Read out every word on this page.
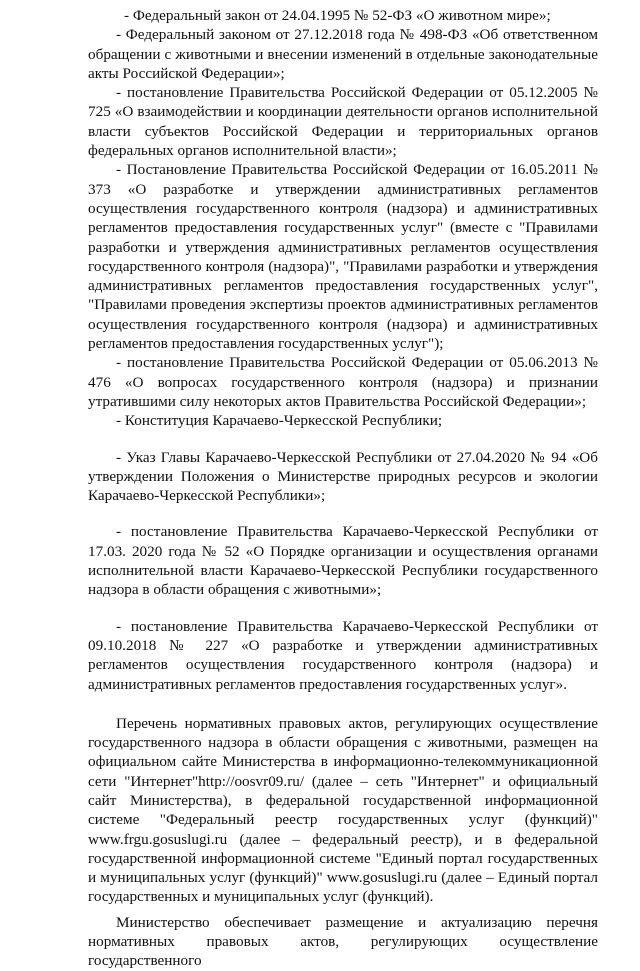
- Федеральный закон от 24.04.1995 № 52-ФЗ «О животном мире»;

- Федеральный законом от 27.12.2018 года № 498-ФЗ «Об ответственном обращении с животными и внесении изменений в отдельные законодательные акты Российской Федерации»;

- постановление Правительства Российской Федерации от 05.12.2005 № 725 «О взаимодействии и координации деятельности органов исполнительной власти субъектов Российской Федерации и территориальных органов федеральных органов исполнительной власти»;

- Постановление Правительства Российской Федерации от 16.05.2011 № 373 «О разработке и утверждении административных регламентов осуществления государственного контроля (надзора) и административных регламентов предоставления государственных услуг" (вместе с "Правилами разработки и утверждения административных регламентов осуществления государственного контроля (надзора)", "Правилами разработки и утверждения административных регламентов предоставления государственных услуг", "Правилами проведения экспертизы проектов административных регламентов осуществления государственного контроля (надзора) и административных регламентов предоставления государственных услуг");

- постановление Правительства Российской Федерации от 05.06.2013 № 476 «О вопросах государственного контроля (надзора) и признании утратившими силу некоторых актов Правительства Российской Федерации»;

- Конституция Карачаево-Черкесской Республики;

- Указ Главы Карачаево-Черкесской Республики от 27.04.2020 № 94 «Об утверждении Положения о Министерстве природных ресурсов и экологии Карачаево-Черкесской Республики»;

- постановление Правительства Карачаево-Черкесской Республики от 17.03. 2020 года № 52 «О Порядке организации и осуществления органами исполнительной власти Карачаево-Черкесской Республики государственного надзора в области обращения с животными»;

- постановление Правительства Карачаево-Черкесской Республики от 09.10.2018 № 227 «О разработке и утверждении административных регламентов осуществления государственного контроля (надзора) и административных регламентов предоставления государственных услуг».

Перечень нормативных правовых актов, регулирующих осуществление государственного надзора в области обращения с животными, размещен на официальном сайте Министерства в информационно-телекоммуникационной сети "Интернет"http://oosvr09.ru/ (далее – сеть "Интернет" и официальный сайт Министерства), в федеральной государственной информационной системе "Федеральный реестр государственных услуг (функций)" www.frgu.gosuslugi.ru (далее – федеральный реестр), и в федеральной государственной информационной системе "Единый портал государственных и муниципальных услуг (функций)" www.gosuslugi.ru (далее – Единый портал государственных и муниципальных услуг (функций).

Министерство обеспечивает размещение и актуализацию перечня нормативных правовых актов, регулирующих осуществление государственного
